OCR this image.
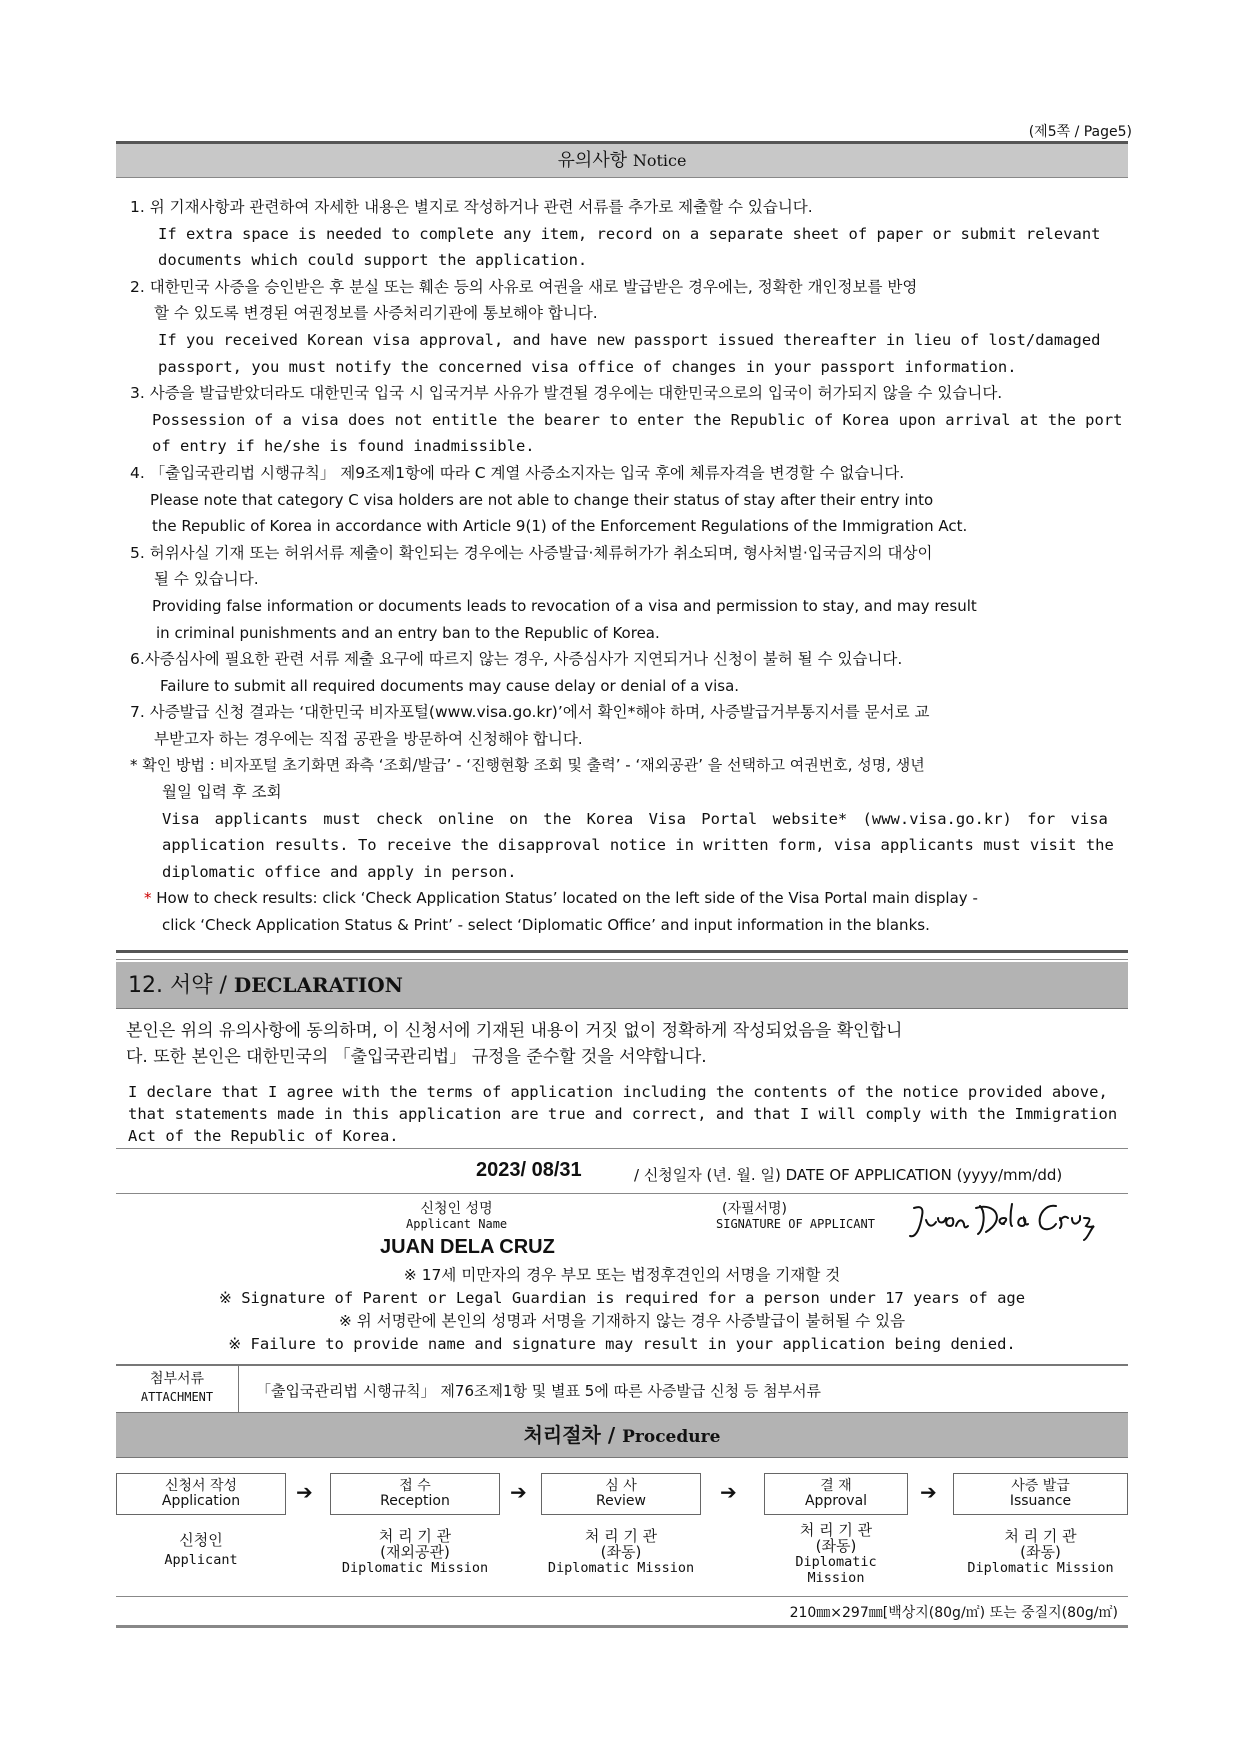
(제5쪽 / Page5)
유의사항 Notice
1. 위 기재사항과 관련하여 자세한 내용은 별지로 작성하거나 관련 서류를 추가로 제출할 수 있습니다.
If extra space is needed to complete any item, record on a separate sheet of paper or submit relevant
documents which could support the application.
2. 대한민국 사증을 승인받은 후 분실 또는 훼손 등의 사유로 여권을 새로 발급받은 경우에는, 정확한 개인정보를 반영
할 수 있도록 변경된 여권정보를 사증처리기관에 통보해야 합니다.
If you received Korean visa approval, and have new passport issued thereafter in lieu of lost/damaged
passport, you must notify the concerned visa office of changes in your passport information.
3. 사증을 발급받았더라도 대한민국 입국 시 입국거부 사유가 발견될 경우에는 대한민국으로의 입국이 허가되지 않을 수 있습니다.
Possession of a visa does not entitle the bearer to enter the Republic of Korea upon arrival at the port
of entry if he/she is found inadmissible.
4. 「출입국관리법 시행규칙」 제9조제1항에 따라 C 계열 사증소지자는 입국 후에 체류자격을 변경할 수 없습니다.
Please note that category C visa holders are not able to change their status of stay after their entry into
the Republic of Korea in accordance with Article 9(1) of the Enforcement Regulations of the Immigration Act.
5. 허위사실 기재 또는 허위서류 제출이 확인되는 경우에는 사증발급·체류허가가 취소되며, 형사처벌·입국금지의 대상이
될 수 있습니다.
Providing false information or documents leads to revocation of a visa and permission to stay, and may result
in criminal punishments and an entry ban to the Republic of Korea.
6.사증심사에 필요한 관련 서류 제출 요구에 따르지 않는 경우, 사증심사가 지연되거나 신청이 불허 될 수 있습니다.
Failure to submit all required documents may cause delay or denial of a visa.
7. 사증발급 신청 결과는 ‘대한민국 비자포털(www.visa.go.kr)’에서 확인*해야 하며, 사증발급거부통지서를 문서로 교
부받고자 하는 경우에는 직접 공관을 방문하여 신청해야 합니다.
* 확인 방법 : 비자포털 초기화면 좌측 ‘조회/발급’ - ‘진행현황 조회 및 출력’ - ‘재외공관’ 을 선택하고 여권번호, 성명, 생년
월일 입력 후 조회
Visa applicants must check online on the Korea Visa Portal website* (www.visa.go.kr) for visa
application results. To receive the disapproval notice in written form, visa applicants must visit the
diplomatic office and apply in person.
* How to check results: click ‘Check Application Status’ located on the left side of the Visa Portal main display -
click ‘Check Application Status & Print’ - select ‘Diplomatic Office’ and input information in the blanks.
12. 서약 / DECLARATION
본인은 위의 유의사항에 동의하며, 이 신청서에 기재된 내용이 거짓 없이 정확하게 작성되었음을 확인합니
다. 또한 본인은 대한민국의 「출입국관리법」 규정을 준수할 것을 서약합니다.
I declare that I agree with the terms of application including the contents of the notice provided above,
that statements made in this application are true and correct, and that I will comply with the Immigration
Act of the Republic of Korea.
2023/ 08/31	/ 신청일자 (년. 월. 일) DATE OF APPLICATION (yyyy/mm/dd)
신청인 성명
Applicant Name
JUAN DELA CRUZ
(자필서명)
SIGNATURE OF APPLICANT
※ 17세 미만자의 경우 부모 또는 법정후견인의 서명을 기재할 것
※ Signature of Parent or Legal Guardian is required for a person under 17 years of age
※ 위 서명란에 본인의 성명과 서명을 기재하지 않는 경우 사증발급이 불허될 수 있음
※ Failure to provide name and signature may result in your application being denied.
첨부서류
ATTACHMENT	「출입국관리법 시행규칙」 제76조제1항 및 별표 5에 따른 사증발급 신청 등 첨부서류
처리절차 / Procedure
신청서 작성
Application	➔	접 수
Reception	➔	심 사
Review	➔	결 재
Approval	➔	사증 발급
Issuance
신청인
Applicant
처 리 기 관
(재외공관)
Diplomatic Mission
처 리 기 관
(좌동)
Diplomatic Mission
처 리 기 관
(좌동)
Diplomatic Mission
처 리 기 관
(좌동)
Diplomatic Mission
210㎜×297㎜[백상지(80g/㎡) 또는 중질지(80g/㎡)
